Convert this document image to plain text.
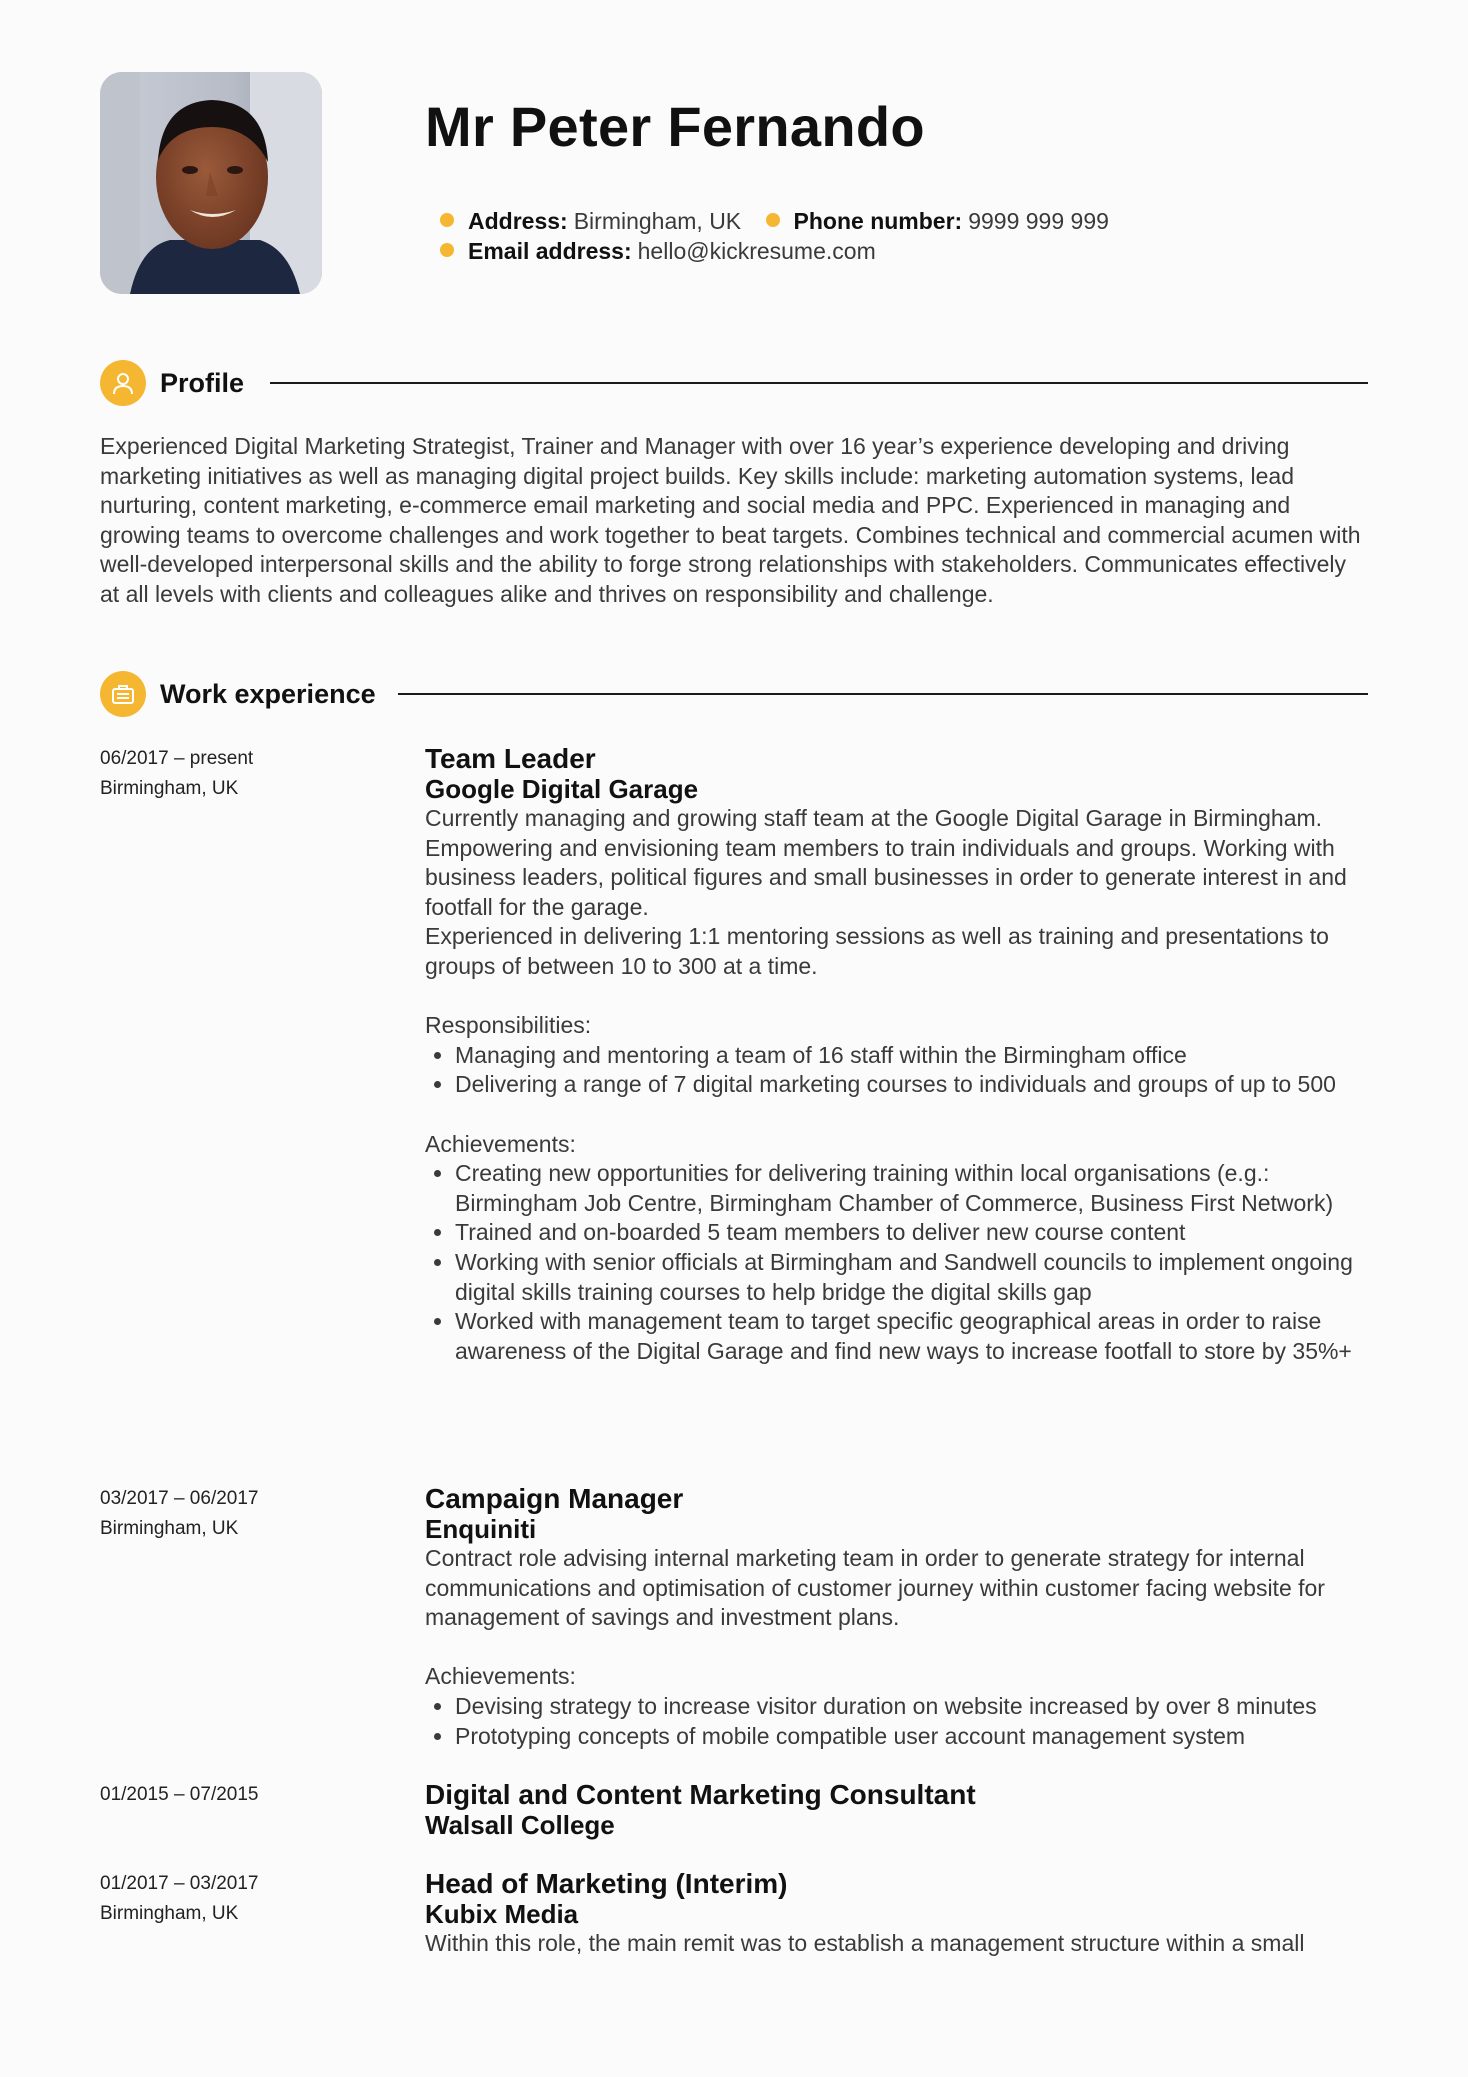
Mr Peter Fernando
Address: Birmingham, UK Phone number: 9999 999 999
Email address: hello@kickresume.com
Profile
Experienced Digital Marketing Strategist, Trainer and Manager with over 16 year’s experience developing and driving marketing initiatives as well as managing digital project builds. Key skills include: marketing automation systems, lead nurturing, content marketing, e-commerce email marketing and social media and PPC. Experienced in managing and growing teams to overcome challenges and work together to beat targets. Combines technical and commercial acumen with well-developed interpersonal skills and the ability to forge strong relationships with stakeholders. Communicates effectively at all levels with clients and colleagues alike and thrives on responsibility and challenge.
Work experience
06/2017 – present
Birmingham, UK
Team Leader
Google Digital Garage
Currently managing and growing staff team at the Google Digital Garage in Birmingham. Empowering and envisioning team members to train individuals and groups. Working with business leaders, political figures and small businesses in order to generate interest in and footfall for the garage.
Experienced in delivering 1:1 mentoring sessions as well as training and presentations to groups of between 10 to 300 at a time.
Responsibilities:
• Managing and mentoring a team of 16 staff within the Birmingham office
• Delivering a range of 7 digital marketing courses to individuals and groups of up to 500
Achievements:
• Creating new opportunities for delivering training within local organisations (e.g.: Birmingham Job Centre, Birmingham Chamber of Commerce, Business First Network)
• Trained and on-boarded 5 team members to deliver new course content
• Working with senior officials at Birmingham and Sandwell councils to implement ongoing digital skills training courses to help bridge the digital skills gap
• Worked with management team to target specific geographical areas in order to raise awareness of the Digital Garage and find new ways to increase footfall to store by 35%+
03/2017 – 06/2017
Birmingham, UK
Campaign Manager
Enquiniti
Contract role advising internal marketing team in order to generate strategy for internal communications and optimisation of customer journey within customer facing website for management of savings and investment plans.
Achievements:
• Devising strategy to increase visitor duration on website increased by over 8 minutes
• Prototyping concepts of mobile compatible user account management system
01/2015 – 07/2015	Digital and Content Marketing Consultant
Walsall College
01/2017 – 03/2017
Birmingham, UK
Head of Marketing (Interim)
Kubix Media
Within this role, the main remit was to establish a management structure within a small
